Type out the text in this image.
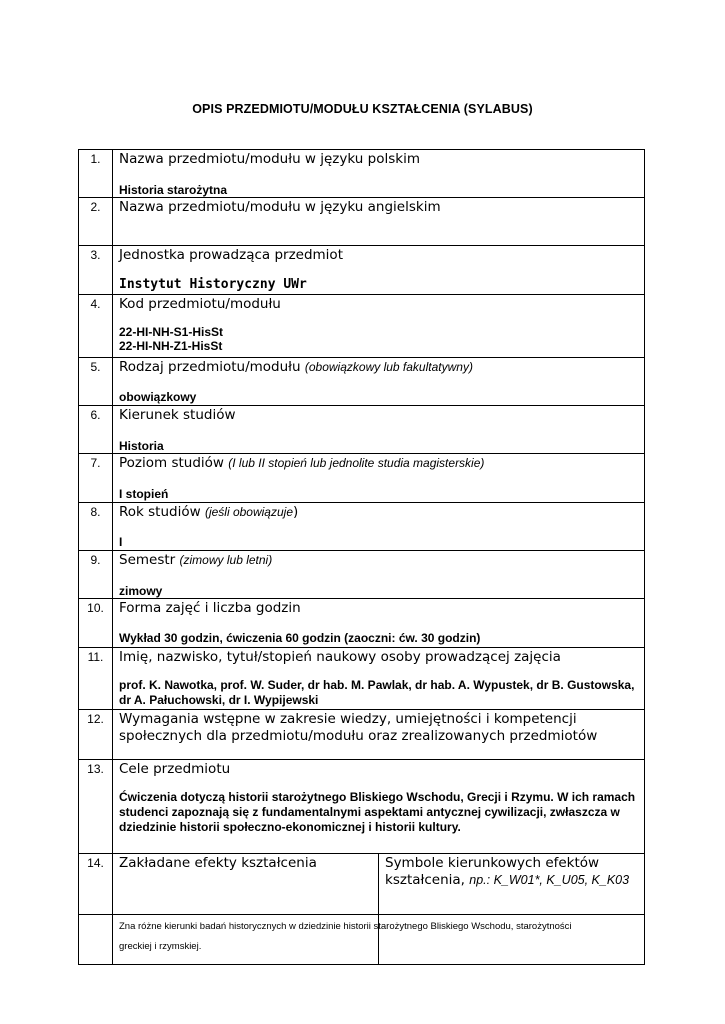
OPIS PRZEDMIOTU/MODUŁU KSZTAŁCENIA (SYLABUS)
1.	Nazwa przedmiotu/modułu w języku polskim
Historia starożytna	

2.	Nazwa przedmiotu/modułu w języku angielskim	

3.	Jednostka prowadząca przedmiot
Instytut Historyczny UWr	

4.	Kod przedmiotu/modułu
22-HI-NH-S1-HisSt
22-HI-NH-Z1-HisSt	

5.	Rodzaj przedmiotu/modułu (obowiązkowy lub fakultatywny)
obowiązkowy	

6.	Kierunek studiów
Historia	

7.	Poziom studiów (I lub II stopień lub jednolite studia magisterskie)
I stopień	

8.	Rok studiów (jeśli obowiązuje)
I	

9.	Semestr (zimowy lub letni)
zimowy	

10.	Forma zajęć i liczba godzin
Wykład 30 godzin, ćwiczenia 60 godzin (zaoczni: ćw. 30 godzin)	

11.	Imię, nazwisko, tytuł/stopień naukowy osoby prowadzącej zajęcia
prof. K. Nawotka, prof. W. Suder, dr hab. M. Pawlak, dr hab. A. Wypustek, dr B. Gustowska, dr A. Pałuchowski, dr I. Wypijewski	

12.	Wymagania wstępne w zakresie wiedzy, umiejętności i kompetencji społecznych dla przedmiotu/modułu oraz zrealizowanych przedmiotów	

13.	Cele przedmiotu
Ćwiczenia dotyczą historii starożytnego Bliskiego Wschodu, Grecji i Rzymu. W ich ramach studenci zapoznają się z fundamentalnymi aspektami antycznej cywilizacji, zwłaszcza w dziedzinie historii społeczno-ekonomicznej i historii kultury.	

14.	Zakładane efekty kształcenia	Symbole kierunkowych efektów kształcenia, np.: K_W01*, K_U05, K_K03

	Zna różne kierunki badań historycznych w dziedzinie historii starożytnego Bliskiego Wschodu, starożytności greckiej i rzymskiej.	
